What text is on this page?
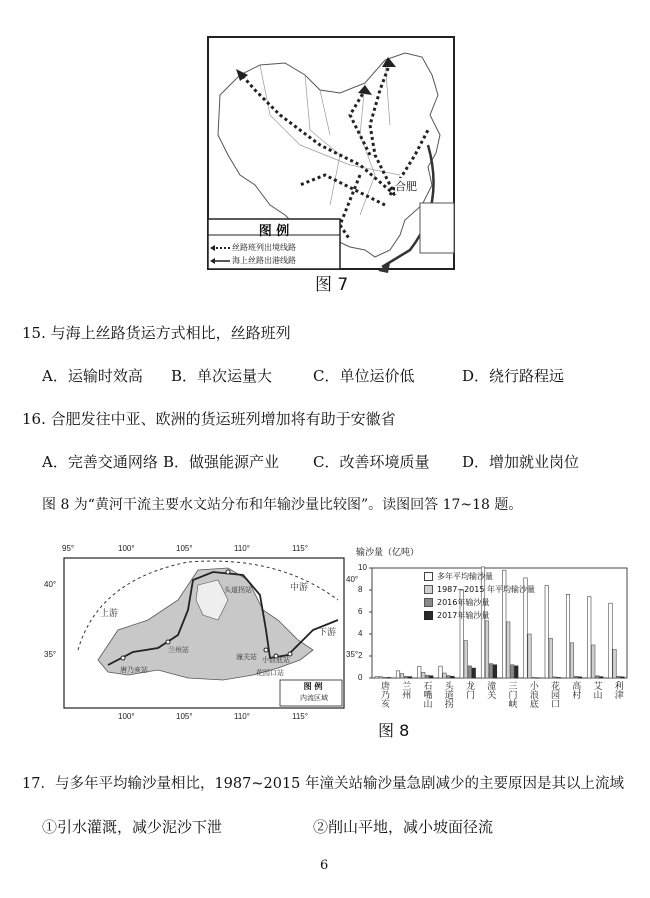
图 例
丝路班列出境线路
海上丝路出港线路
合肥
图 7
15. 与海上丝路货运方式相比，丝路班列
A．运输时效高 B．单次运量大	C．单位运价低	D．绕行路程远
16. 合肥发往中亚、欧洲的货运班列增加将有助于安徽省
A．完善交通网络 B．做强能源产业 C．改善环境质量 D．增加就业岗位
图 8 为“黄河干流主要水文站分布和年输沙量比较图”。读图回答 17~18 题。
95°	100°	105°	110°	115°
100°	105°	110°	115°
40°
35°
40°
35°
上游
中游
下游
头道拐站
唐乃亥站
兰州站
潼关站 小浪底站
花园口站
图 例
内流区域
输沙量（亿吨）
0
2
4
6
8
10
唐乃亥 兰州 石嘴山 头道拐 龙门 潼关 三门峡 小浪底 花园口 高村 艾山 利津
多年平均输沙量
1987~2015 年平均输沙量
2016年输沙量
2017年输沙量
图 8
17．与多年平均输沙量相比，1987~2015 年潼关站输沙量急剧减少的主要原因是其以上流域
①引水灌溉，减少泥沙下泄	②削山平地，减小坡面径流
6
